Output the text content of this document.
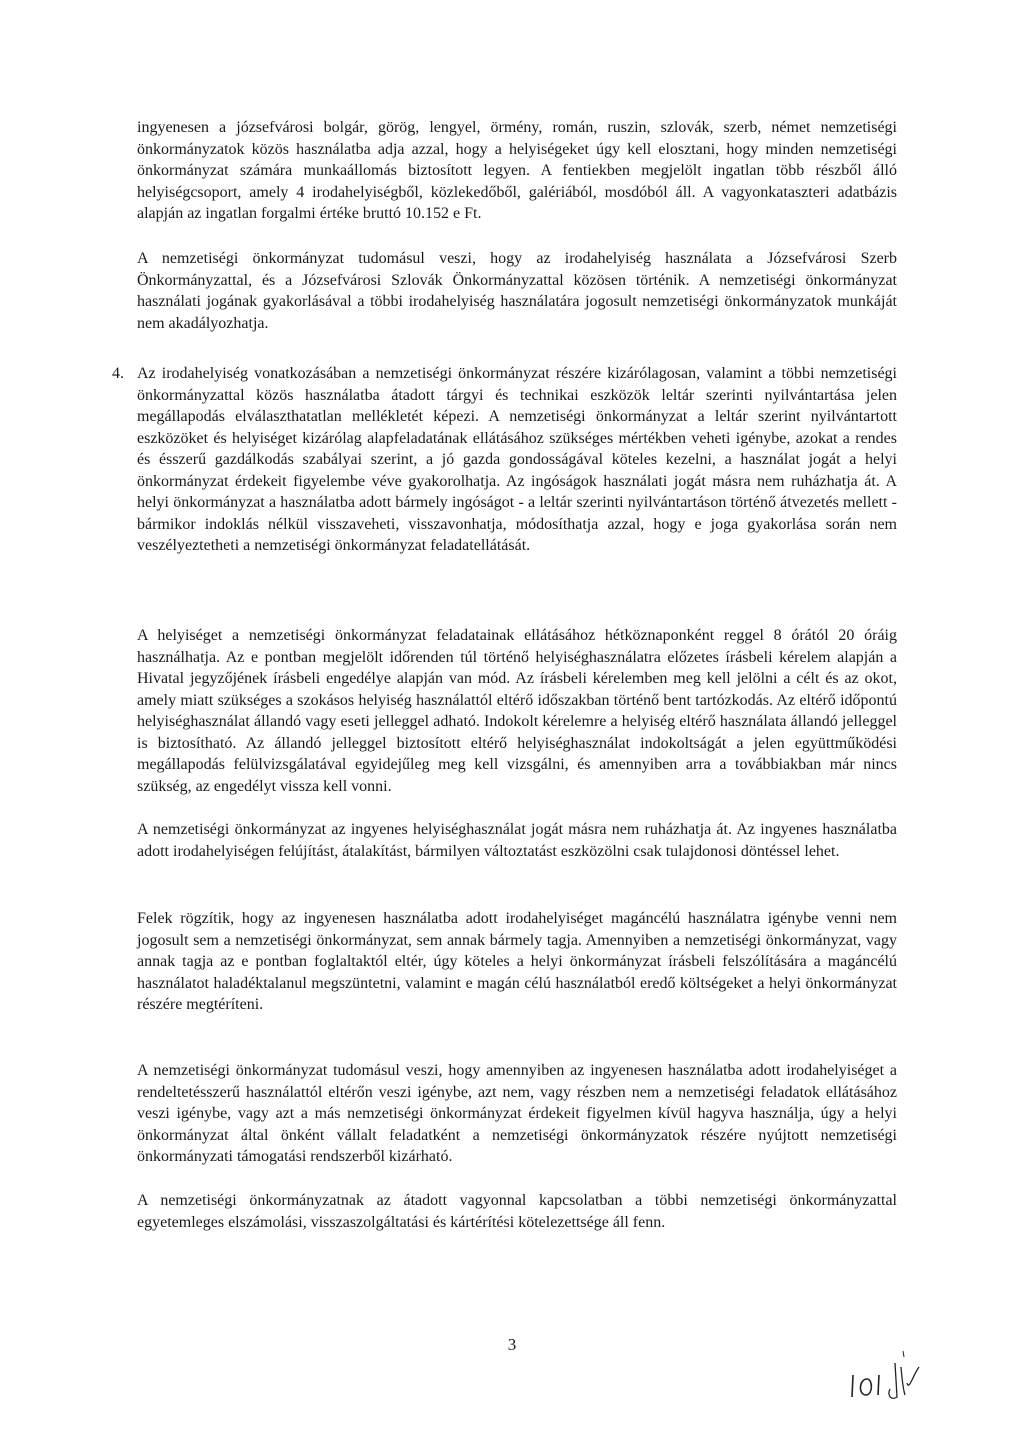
ingyenesen a józsefvárosi bolgár, görög, lengyel, örmény, román, ruszin, szlovák, szerb, német nemzetiségi önkormányzatok közös használatba adja azzal, hogy a helyiségeket úgy kell elosztani, hogy minden nemzetiségi önkormányzat számára munkaállomás biztosított legyen. A fentiekben megjelölt ingatlan több részből álló helyiségcsoport, amely 4 irodahelyiségből, közlekedőből, galériából, mosdóból áll. A vagyonkataszteri adatbázis alapján az ingatlan forgalmi értéke bruttó 10.152 e Ft.

A nemzetiségi önkormányzat tudomásul veszi, hogy az irodahelyiség használata a Józsefvárosi Szerb Önkormányzattal, és a Józsefvárosi Szlovák Önkormányzattal közösen történik. A nemzetiségi önkormányzat használati jogának gyakorlásával a többi irodahelyiség használatára jogosult nemzetiségi önkormányzatok munkáját nem akadályozhatja.

4. Az irodahelyiség vonatkozásában a nemzetiségi önkormányzat részére kizárólagosan, valamint a többi nemzetiségi önkormányzattal közös használatba átadott tárgyi és technikai eszközök leltár szerinti nyilvántartása jelen megállapodás elválaszthatatlan mellékletét képezi. A nemzetiségi önkormányzat a leltár szerint nyilvántartott eszközöket és helyiséget kizárólag alapfeladatának ellátásához szükséges mértékben veheti igénybe, azokat a rendes és ésszerű gazdálkodás szabályai szerint, a jó gazda gondosságával köteles kezelni, a használat jogát a helyi önkormányzat érdekeit figyelembe véve gyakorolhatja. Az ingóságok használati jogát másra nem ruházhatja át. A helyi önkormányzat a használatba adott bármely ingóságot - a leltár szerinti nyilvántartáson történő átvezetés mellett - bármikor indoklás nélkül visszaveheti, visszavonhatja, módosíthatja azzal, hogy e joga gyakorlása során nem veszélyeztetheti a nemzetiségi önkormányzat feladatellátását.

A helyiséget a nemzetiségi önkormányzat feladatainak ellátásához hétköznaponként reggel 8 órától 20 óráig használhatja. Az e pontban megjelölt időrenden túl történő helyiséghasználatra előzetes írásbeli kérelem alapján a Hivatal jegyzőjének írásbeli engedélye alapján van mód. Az írásbeli kérelemben meg kell jelölni a célt és az okot, amely miatt szükséges a szokásos helyiség használattól eltérő időszakban történő bent tartózkodás. Az eltérő időpontú helyiséghasználat állandó vagy eseti jelleggel adható. Indokolt kérelemre a helyiség eltérő használata állandó jelleggel is biztosítható. Az állandó jelleggel biztosított eltérő helyiséghasználat indokoltságát a jelen együttműködési megállapodás felülvizsgálatával egyidejűleg meg kell vizsgálni, és amennyiben arra a továbbiakban már nincs szükség, az engedélyt vissza kell vonni.

A nemzetiségi önkormányzat az ingyenes helyiséghasználat jogát másra nem ruházhatja át. Az ingyenes használatba adott irodahelyiségen felújítást, átalakítást, bármilyen változtatást eszközölni csak tulajdonosi döntéssel lehet.

Felek rögzítik, hogy az ingyenesen használatba adott irodahelyiséget magáncélú használatra igénybe venni nem jogosult sem a nemzetiségi önkormányzat, sem annak bármely tagja. Amennyiben a nemzetiségi önkormányzat, vagy annak tagja az e pontban foglaltaktól eltér, úgy köteles a helyi önkormányzat írásbeli felszólítására a magáncélú használatot haladéktalanul megszüntetni, valamint e magán célú használatból eredő költségeket a helyi önkormányzat részére megtéríteni.

A nemzetiségi önkormányzat tudomásul veszi, hogy amennyiben az ingyenesen használatba adott irodahelyiséget a rendeltetésszerű használattól eltérőn veszi igénybe, azt nem, vagy részben nem a nemzetiségi feladatok ellátásához veszi igénybe, vagy azt a más nemzetiségi önkormányzat érdekeit figyelmen kívül hagyva használja, úgy a helyi önkormányzat által önként vállalt feladatként a nemzetiségi önkormányzatok részére nyújtott nemzetiségi önkormányzati támogatási rendszerből kizárható.

A nemzetiségi önkormányzatnak az átadott vagyonnal kapcsolatban a többi nemzetiségi önkormányzattal egyetemleges elszámolási, visszaszolgáltatási és kártérítési kötelezettsége áll fenn.

3
